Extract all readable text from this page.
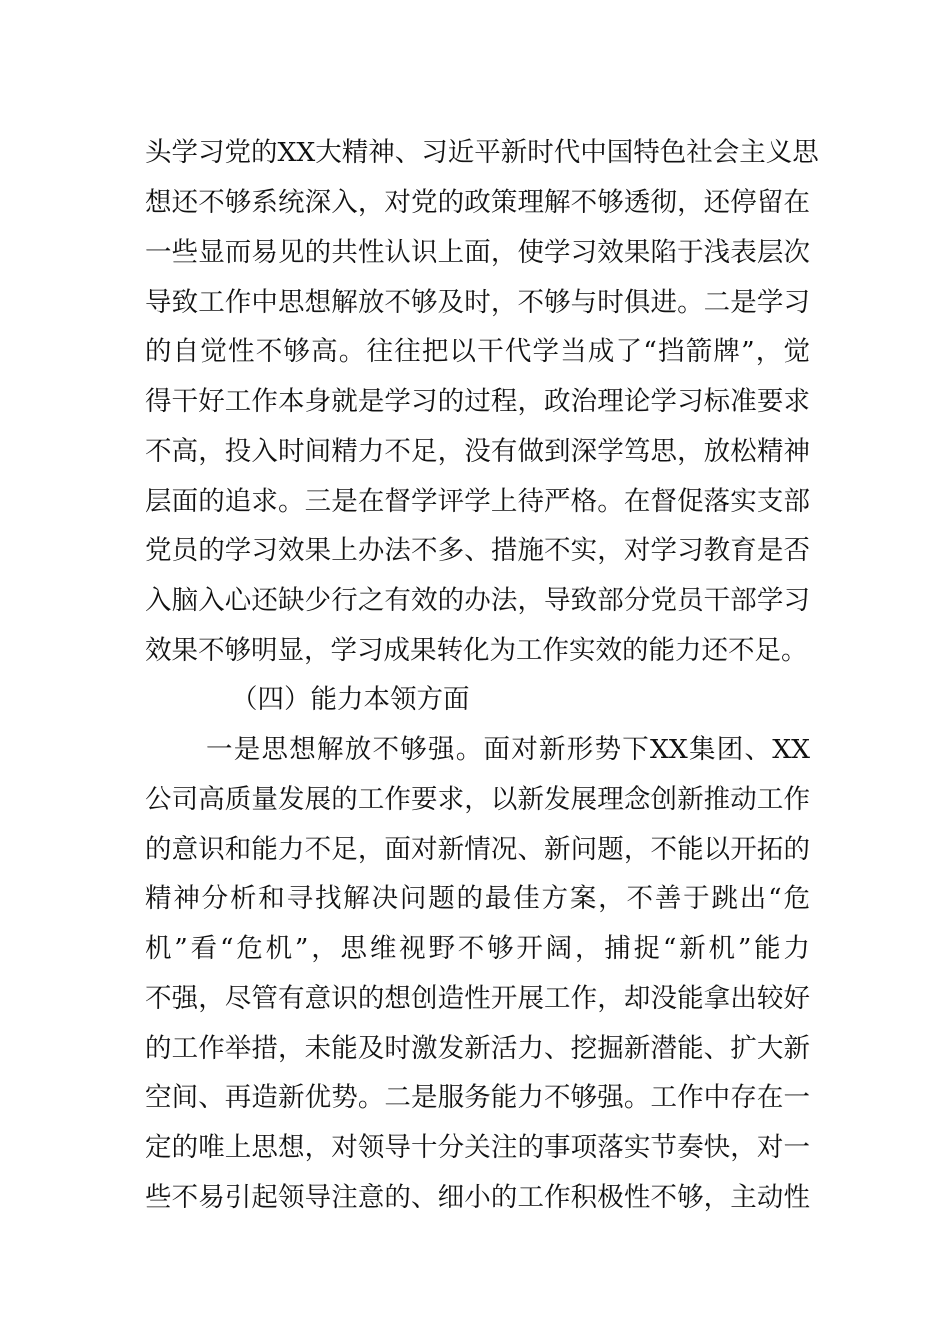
头学习党的XX大精神、习近平新时代中国特色社会主义思
想还不够系统深入，对党的政策理解不够透彻，还停留在
一些显而易见的共性认识上面，使学习效果陷于浅表层次
导致工作中思想解放不够及时，不够与时俱进。二是学习
的自觉性不够高。往往把以干代学当成了“挡箭牌”，觉
得干好工作本身就是学习的过程，政治理论学习标准要求
不高，投入时间精力不足，没有做到深学笃思，放松精神
层面的追求。三是在督学评学上待严格。在督促落实支部
党员的学习效果上办法不多、措施不实，对学习教育是否
入脑入心还缺少行之有效的办法，导致部分党员干部学习
效果不够明显，学习成果转化为工作实效的能力还不足。
（四）能力本领方面
一是思想解放不够强。面对新形势下XX集团、XX
公司高质量发展的工作要求，以新发展理念创新推动工作
的意识和能力不足，面对新情况、新问题，不能以开拓的
精神分析和寻找解决问题的最佳方案，不善于跳出“危
机”看“危机”，思维视野不够开阔，捕捉“新机”能力
不强，尽管有意识的想创造性开展工作，却没能拿出较好
的工作举措，未能及时激发新活力、挖掘新潜能、扩大新
空间、再造新优势。二是服务能力不够强。工作中存在一
定的唯上思想，对领导十分关注的事项落实节奏快，对一
些不易引起领导注意的、细小的工作积极性不够，主动性
